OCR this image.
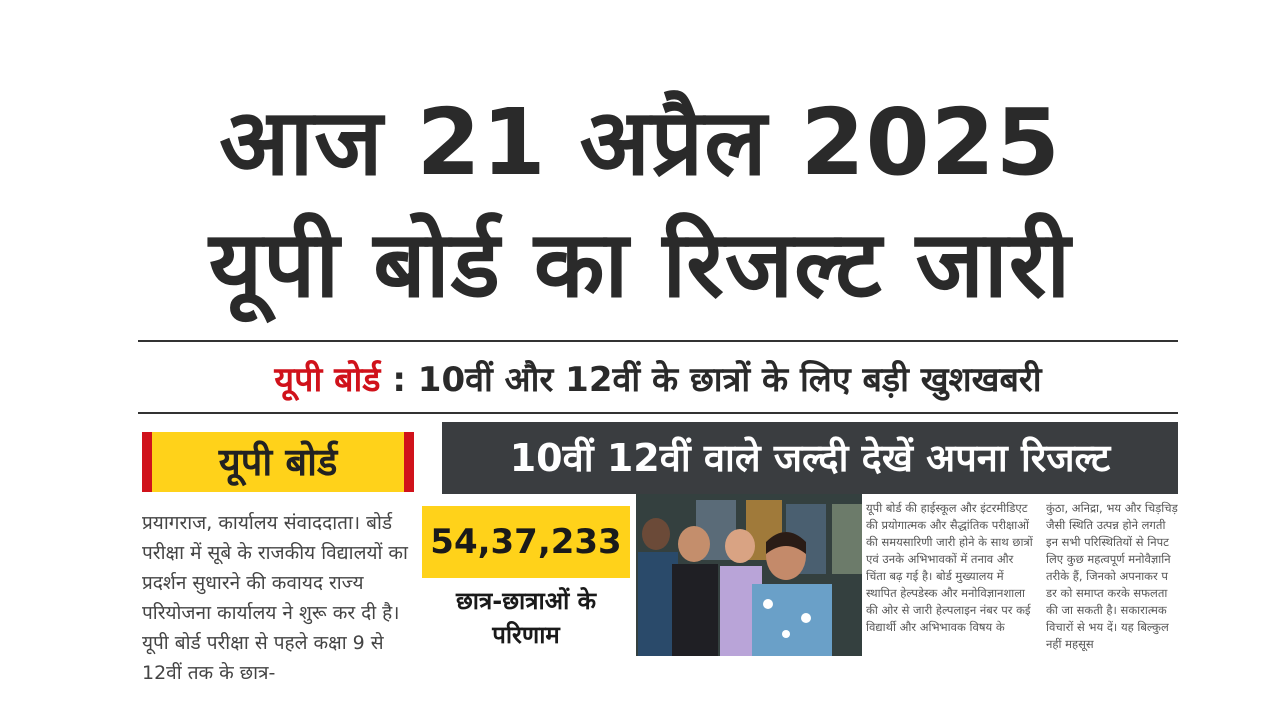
आज 21 अप्रैल 2025
यूपी बोर्ड का रिजल्ट जारी
यूपी बोर्ड : 10वीं और 12वीं के छात्रों के लिए बड़ी खुशखबरी
यूपी बोर्ड	10वीं 12वीं वाले जल्दी देखें अपना रिजल्ट
प्रयागराज, कार्यालय संवाददाता। बोर्ड परीक्षा में सूबे के राजकीय विद्यालयों का प्रदर्शन सुधारने की कवायद राज्य परियोजना कार्यालय ने शुरू कर दी है। यूपी बोर्ड परीक्षा से पहले कक्षा 9 से 12वीं तक के छात्र-
54,37,233
छात्र-छात्राओं के परिणाम
यूपी बोर्ड की हाईस्कूल और इंटरमीडिएट की प्रयोगात्मक और सैद्धांतिक परीक्षाओं की समयसारिणी जारी होने के साथ छात्रों एवं उनके अभिभावकों में तनाव और चिंता बढ़ गई है। बोर्ड मुख्यालय में स्थापित हेल्पडेस्क और मनोविज्ञानशाला की ओर से जारी हेल्पलाइन नंबर पर कई विद्यार्थी और अभिभावक विषय के
कुंठा, अनिद्रा, भय और चिड़चिड़ जैसी स्थिति उत्पन्न होने लगती इन सभी परिस्थितियों से निपट लिए कुछ महत्वपूर्ण मनोवैज्ञानि तरीके हैं, जिनको अपनाकर प डर को समाप्त करके सफलता की जा सकती है। सकारात्मक विचारों से भय दें। यह बिल्कुल नहीं महसूस
